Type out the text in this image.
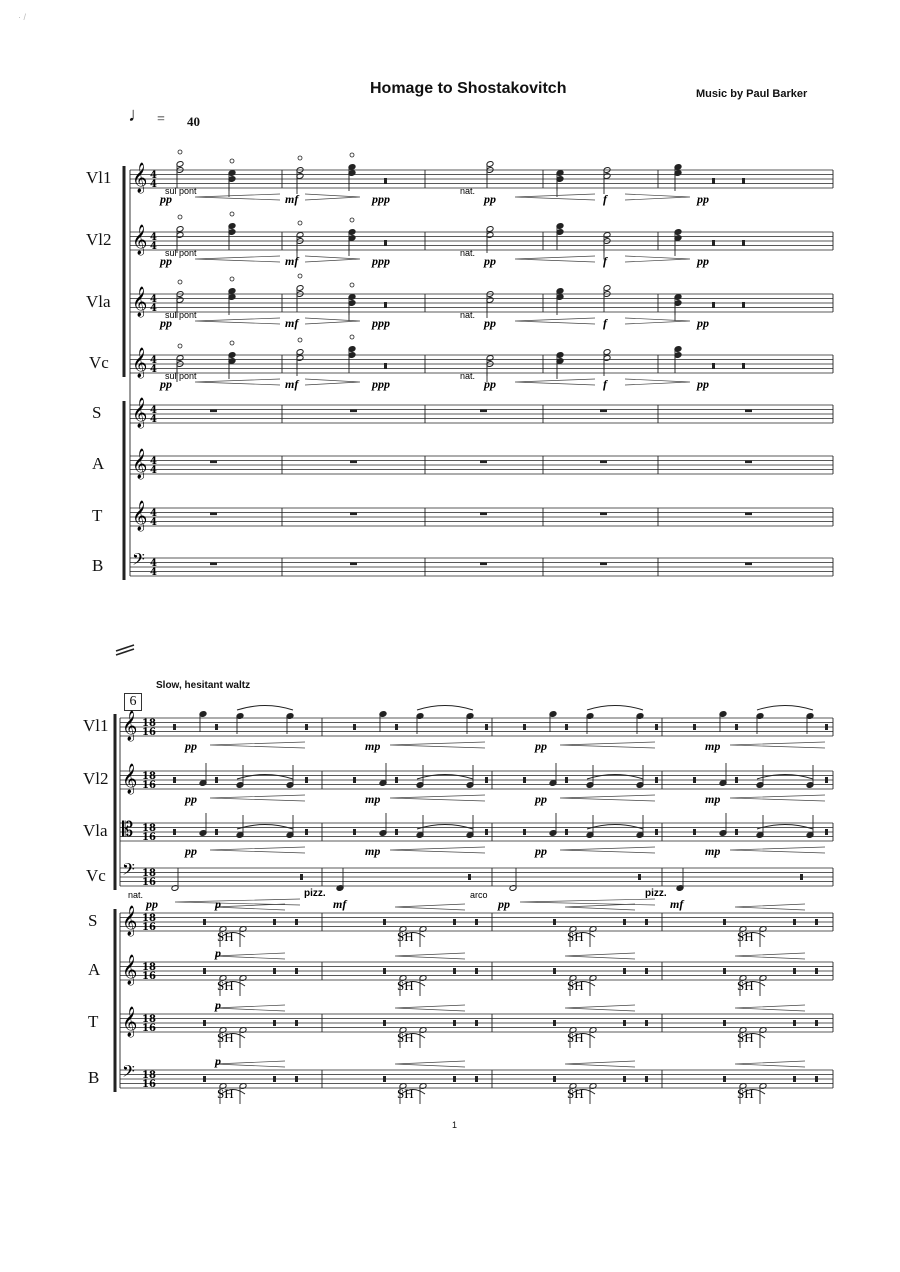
· /
Homage to Shostakovitch	Music by Paul Barker
♩ = 40
Vl1
Vl2
Vla
Vc
S
A
T
B
Vl1
Vl2
Vla
Vc
S
A
T
B
6
Slow, hesitant waltz
1
𝄞 4
4
𝄞 4
4
𝄞 4
4
𝄞 4
4
𝄞 4
4
𝄞 4
4
𝄞 4
4
𝄢 4
4
pp	mf	ppp	pp	f	pp
sul pont	nat.
pp	mf	ppp	pp	f	pp
sul pont	nat.
pp	mf	ppp	pp	f	pp
sul pont	nat.
pp	mf	ppp	pp	f	pp
sul pont	nat.
𝄞 18
16
𝄞 18
16
𝄡 18
16
𝄢 18
16
𝄞 18
16
𝄞 18
16
𝄞 18
16
𝄢 18
16
pp	mp	pp	mp
pp	mp	pp	mp
pp	mp	pp	mp
nat.	pizz.	arco	pizz.
pp	mf	pp	mf
SH
p
SH	SH	SH
SH
p
SH	SH	SH
SH
p
SH	SH	SH
SH
p
SH	SH	SH
